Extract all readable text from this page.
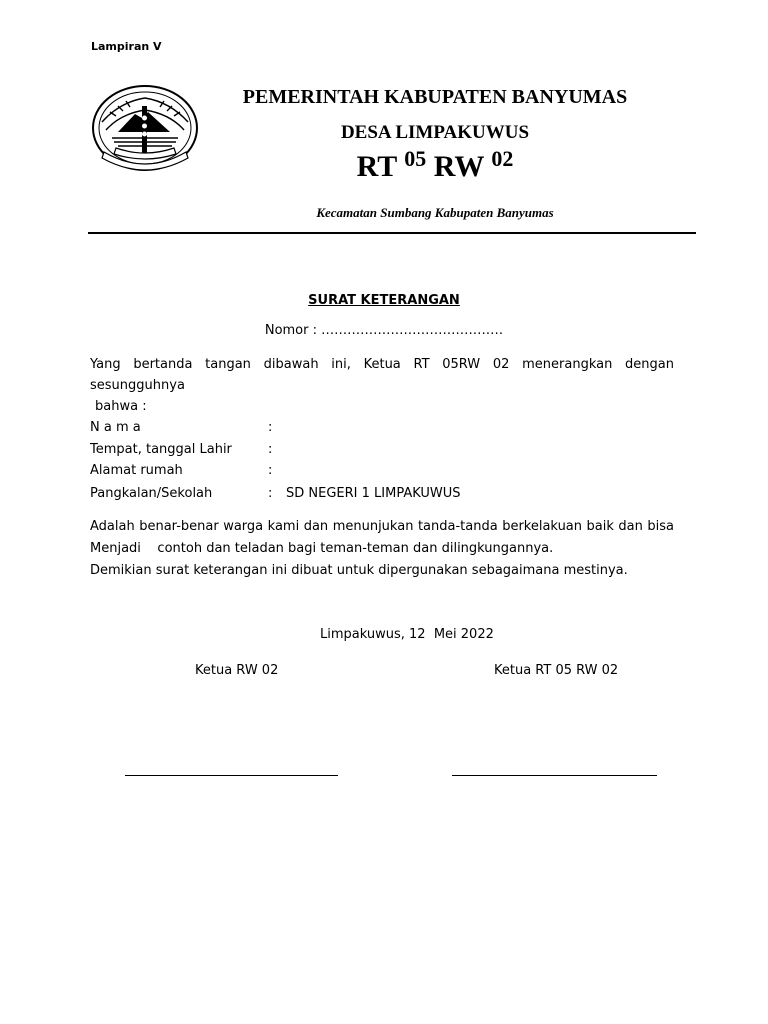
Lampiran V
PEMERINTAH KABUPATEN BANYUMAS
DESA LIMPAKUWUS
RT $^{05}$ RW $^{02}$
Kecamatan Sumbang Kabupaten Banyumas
SURAT KETERANGAN
Nomor : ……………………………………
Yang bertanda tangan dibawah ini, Ketua RT 05RW 02 menerangkan dengan sesungguhnya
bahwa :
N a m a	:
Tempat, tanggal Lahir	:
Alamat rumah	:
Pangkalan/Sekolah	: SD NEGERI 1 LIMPAKUWUS
Adalah benar-benar warga kami dan menunjukan tanda-tanda berkelakuan baik dan bisa
Menjadi    contoh dan teladan bagi teman-teman dan dilingkungannya.
Demikian surat keterangan ini dibuat untuk dipergunakan sebagaimana mestinya.
Limpakuwus, 12  Mei 2022
Ketua RW 02	Ketua RT 05 RW 02
